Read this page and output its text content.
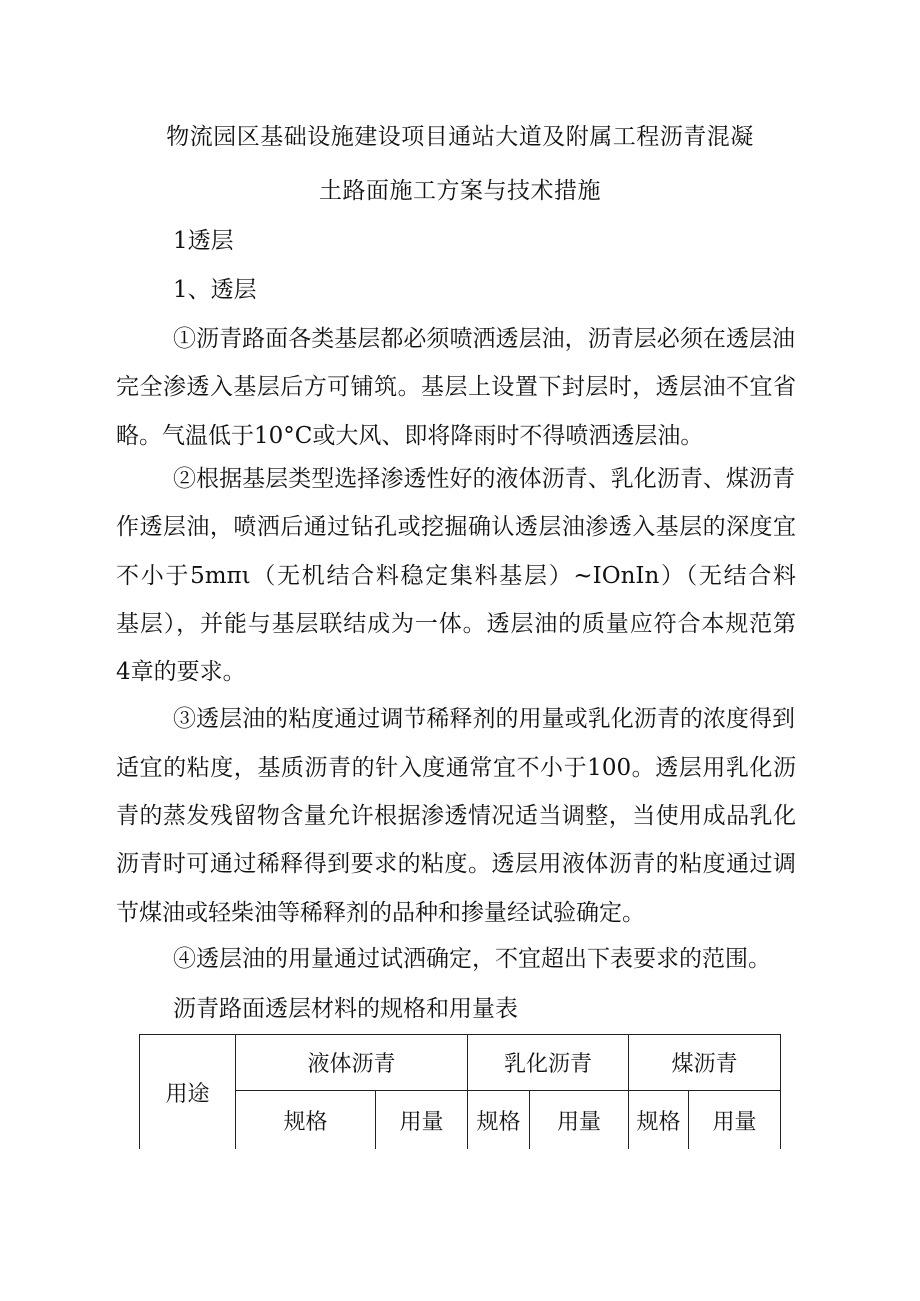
物流园区基础设施建设项目通站大道及附属工程沥青混凝
土路面施工方案与技术措施
1透层
1、透层
①沥青路面各类基层都必须喷洒透层油，沥青层必须在透层油
完全渗透入基层后方可铺筑。基层上设置下封层时，透层油不宜省
略。气温低于10°C或大风、即将降雨时不得喷洒透层油。
②根据基层类型选择渗透性好的液体沥青、乳化沥青、煤沥青
作透层油，喷洒后通过钻孔或挖掘确认透层油渗透入基层的深度宜
不小于5mπι（无机结合料稳定集料基层）~IOnIn）（无结合料
基层），并能与基层联结成为一体。透层油的质量应符合本规范第
4章的要求。
③透层油的粘度通过调节稀释剂的用量或乳化沥青的浓度得到
适宜的粘度，基质沥青的针入度通常宜不小于100。透层用乳化沥
青的蒸发残留物含量允许根据渗透情况适当调整，当使用成品乳化
沥青时可通过稀释得到要求的粘度。透层用液体沥青的粘度通过调
节煤油或轻柴油等稀释剂的品种和掺量经试验确定。
④透层油的用量通过试洒确定，不宜超出下表要求的范围。
沥青路面透层材料的规格和用量表
用途	液体沥青		乳化沥青		煤沥青	
	规格	用量	规格	用量	规格	用量
